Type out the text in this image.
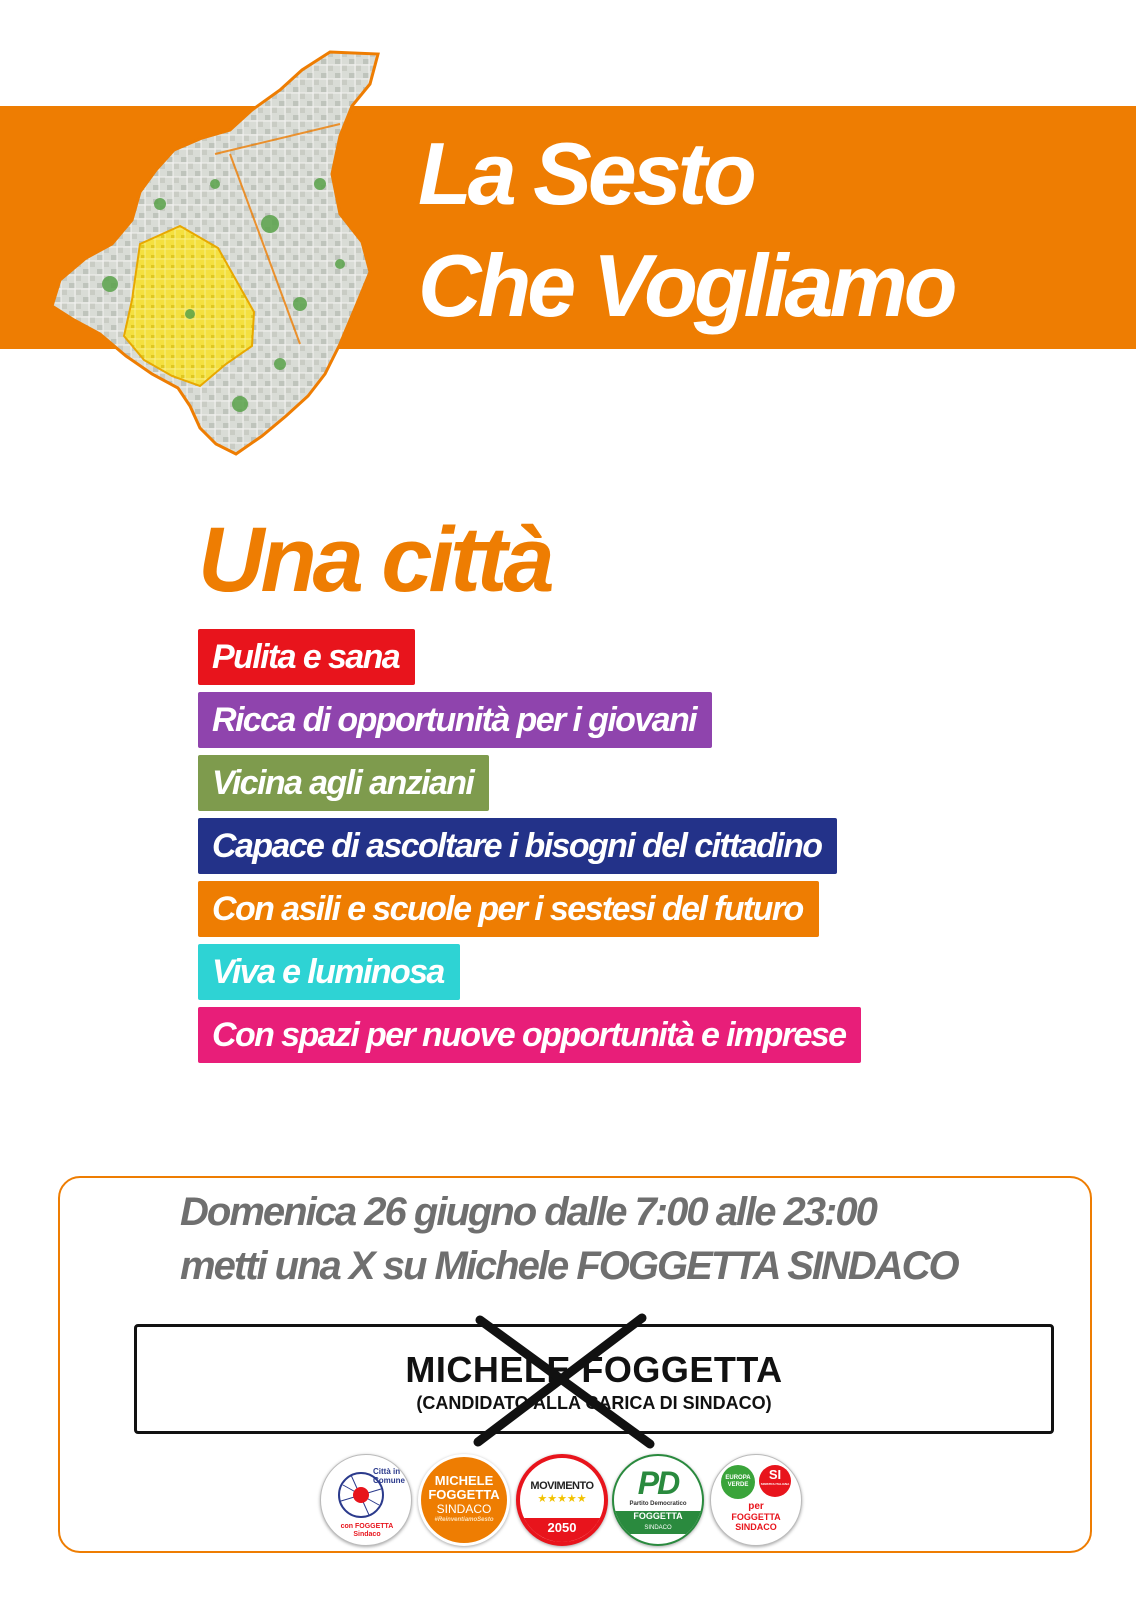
La Sesto
Che Vogliamo
Una città
Pulita e sana
Ricca di opportunità per i giovani
Vicina agli anziani
Capace di ascoltare i bisogni del cittadino
Con asili e scuole per i sestesi del futuro
Viva e luminosa
Con spazi per nuove opportunità e imprese
Domenica 26 giugno dalle 7:00 alle 23:00
metti una X su Michele FOGGETTA SINDACO
MICHELE FOGGETTA
(CANDIDATO ALLA CARICA DI SINDACO)
Città in Comune
con FOGGETTA Sindaco
MICHELE
FOGGETTA
SINDACO
#ReinventiamoSesto
MOVIMENTO
★★★★★
2050
PD
Partito Democratico
FOGGETTA
SINDACO
EUROPA VERDE
SI
SINISTRA ITALIANA
per
FOGGETTA
SINDACO
